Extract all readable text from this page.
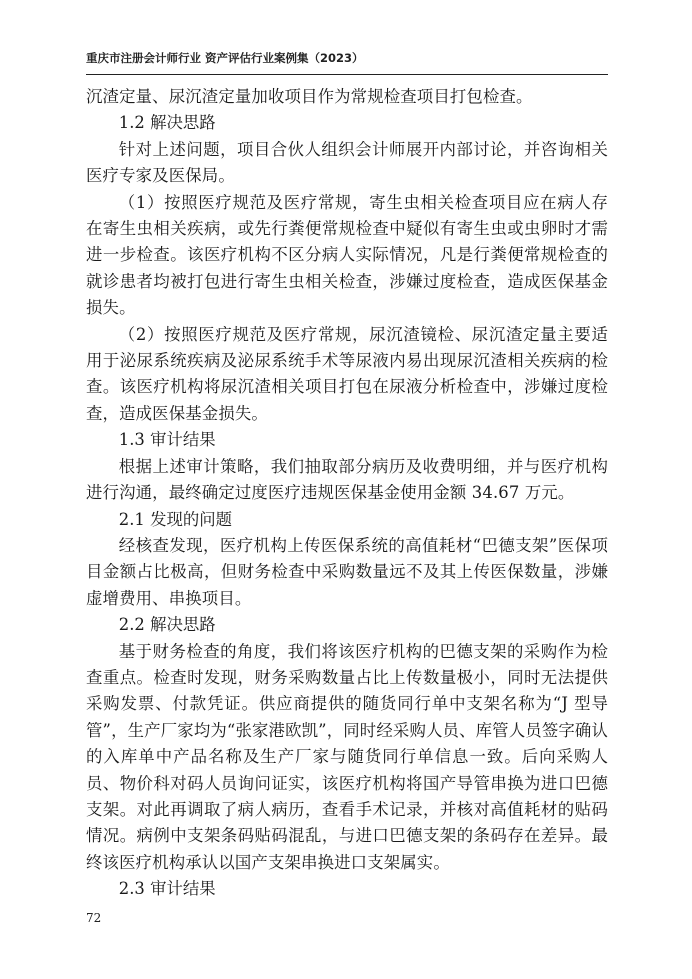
重庆市注册会计师行业 资产评估行业案例集（2023）

沉渣定量、尿沉渣定量加收项目作为常规检查项目打包检查。

1.2 解决思路

针对上述问题，项目合伙人组织会计师展开内部讨论，并咨询相关医疗专家及医保局。

（1）按照医疗规范及医疗常规，寄生虫相关检查项目应在病人存在寄生虫相关疾病，或先行粪便常规检查中疑似有寄生虫或虫卵时才需进一步检查。该医疗机构不区分病人实际情况，凡是行粪便常规检查的就诊患者均被打包进行寄生虫相关检查，涉嫌过度检查，造成医保基金损失。

（2）按照医疗规范及医疗常规，尿沉渣镜检、尿沉渣定量主要适用于泌尿系统疾病及泌尿系统手术等尿液内易出现尿沉渣相关疾病的检查。该医疗机构将尿沉渣相关项目打包在尿液分析检查中，涉嫌过度检查，造成医保基金损失。

1.3 审计结果

根据上述审计策略，我们抽取部分病历及收费明细，并与医疗机构进行沟通，最终确定过度医疗违规医保基金使用金额 34.67 万元。

2.1 发现的问题

经核查发现，医疗机构上传医保系统的高值耗材“巴德支架”医保项目金额占比极高，但财务检查中采购数量远不及其上传医保数量，涉嫌虚增费用、串换项目。

2.2 解决思路

基于财务检查的角度，我们将该医疗机构的巴德支架的采购作为检查重点。检查时发现，财务采购数量占比上传数量极小，同时无法提供采购发票、付款凭证。供应商提供的随货同行单中支架名称为“J 型导管”，生产厂家均为“张家港欧凯”，同时经采购人员、库管人员签字确认的入库单中产品名称及生产厂家与随货同行单信息一致。后向采购人员、物价科对码人员询问证实，该医疗机构将国产导管串换为进口巴德支架。对此再调取了病人病历，查看手术记录，并核对高值耗材的贴码情况。病例中支架条码贴码混乱，与进口巴德支架的条码存在差异。最终该医疗机构承认以国产支架串换进口支架属实。

2.3 审计结果

72
